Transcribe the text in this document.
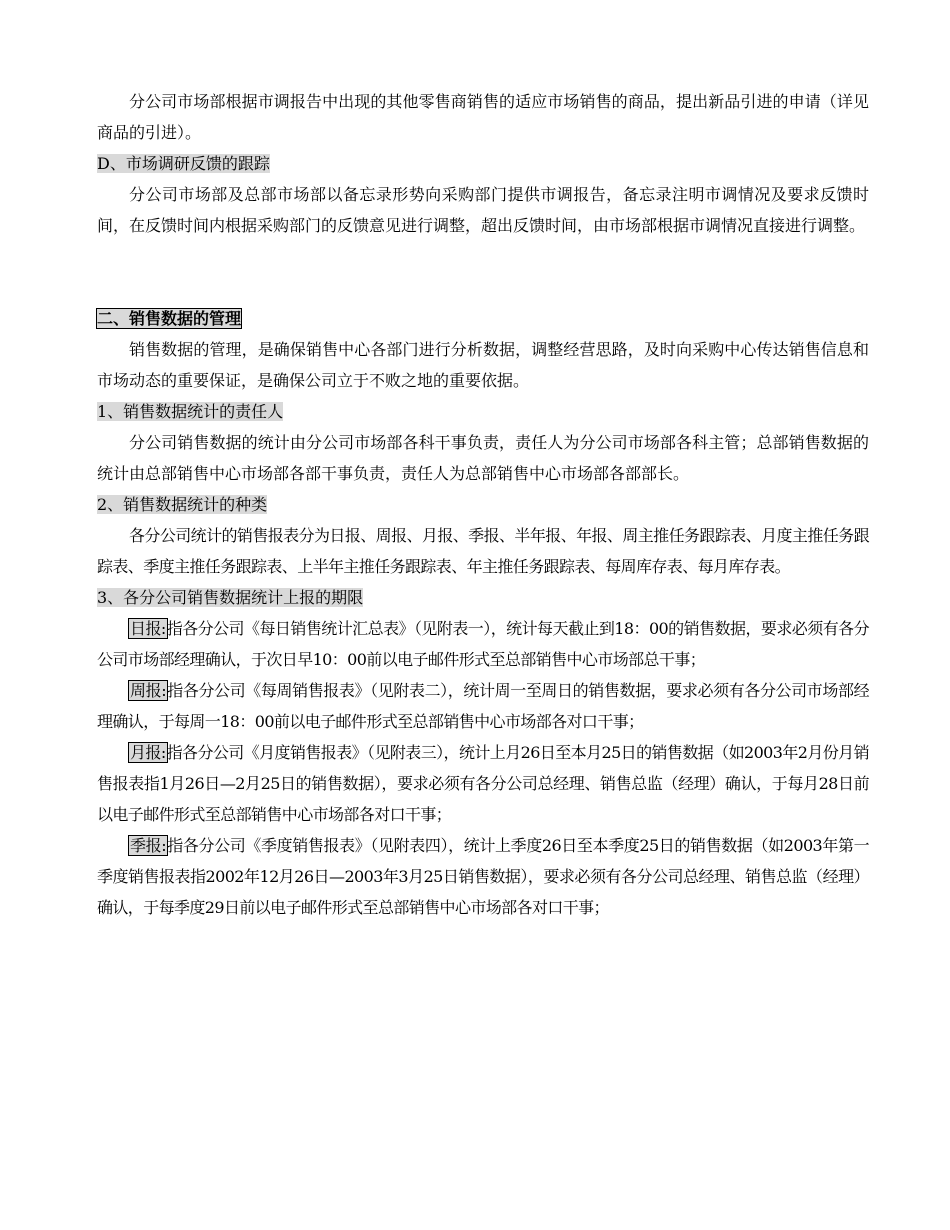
分公司市场部根据市调报告中出现的其他零售商销售的适应市场销售的商品，提出新品引进的申请（详见商品的引进）。

D、市场调研反馈的跟踪

分公司市场部及总部市场部以备忘录形势向采购部门提供市调报告，备忘录注明市调情况及要求反馈时间，在反馈时间内根据采购部门的反馈意见进行调整，超出反馈时间，由市场部根据市调情况直接进行调整。

二、销售数据的管理

销售数据的管理，是确保销售中心各部门进行分析数据，调整经营思路，及时向采购中心传达销售信息和市场动态的重要保证，是确保公司立于不败之地的重要依据。

1、销售数据统计的责任人

分公司销售数据的统计由分公司市场部各科干事负责，责任人为分公司市场部各科主管；总部销售数据的统计由总部销售中心市场部各部干事负责，责任人为总部销售中心市场部各部部长。

2、销售数据统计的种类

各分公司统计的销售报表分为日报、周报、月报、季报、半年报、年报、周主推任务跟踪表、月度主推任务跟踪表、季度主推任务跟踪表、上半年主推任务跟踪表、年主推任务跟踪表、每周库存表、每月库存表。

3、各分公司销售数据统计上报的期限

日报:指各分公司《每日销售统计汇总表》（见附表一），统计每天截止到18：00的销售数据，要求必须有各分公司市场部经理确认，于次日早10：00前以电子邮件形式至总部销售中心市场部总干事；

周报:指各分公司《每周销售报表》（见附表二），统计周一至周日的销售数据，要求必须有各分公司市场部经理确认，于每周一18：00前以电子邮件形式至总部销售中心市场部各对口干事；

月报:指各分公司《月度销售报表》（见附表三），统计上月26日至本月25日的销售数据（如2003年2月份月销售报表指1月26日—2月25日的销售数据），要求必须有各分公司总经理、销售总监（经理）确认，于每月28日前以电子邮件形式至总部销售中心市场部各对口干事；

季报:指各分公司《季度销售报表》（见附表四），统计上季度26日至本季度25日的销售数据（如2003年第一季度销售报表指2002年12月26日—2003年3月25日销售数据），要求必须有各分公司总经理、销售总监（经理）确认，于每季度29日前以电子邮件形式至总部销售中心市场部各对口干事；
